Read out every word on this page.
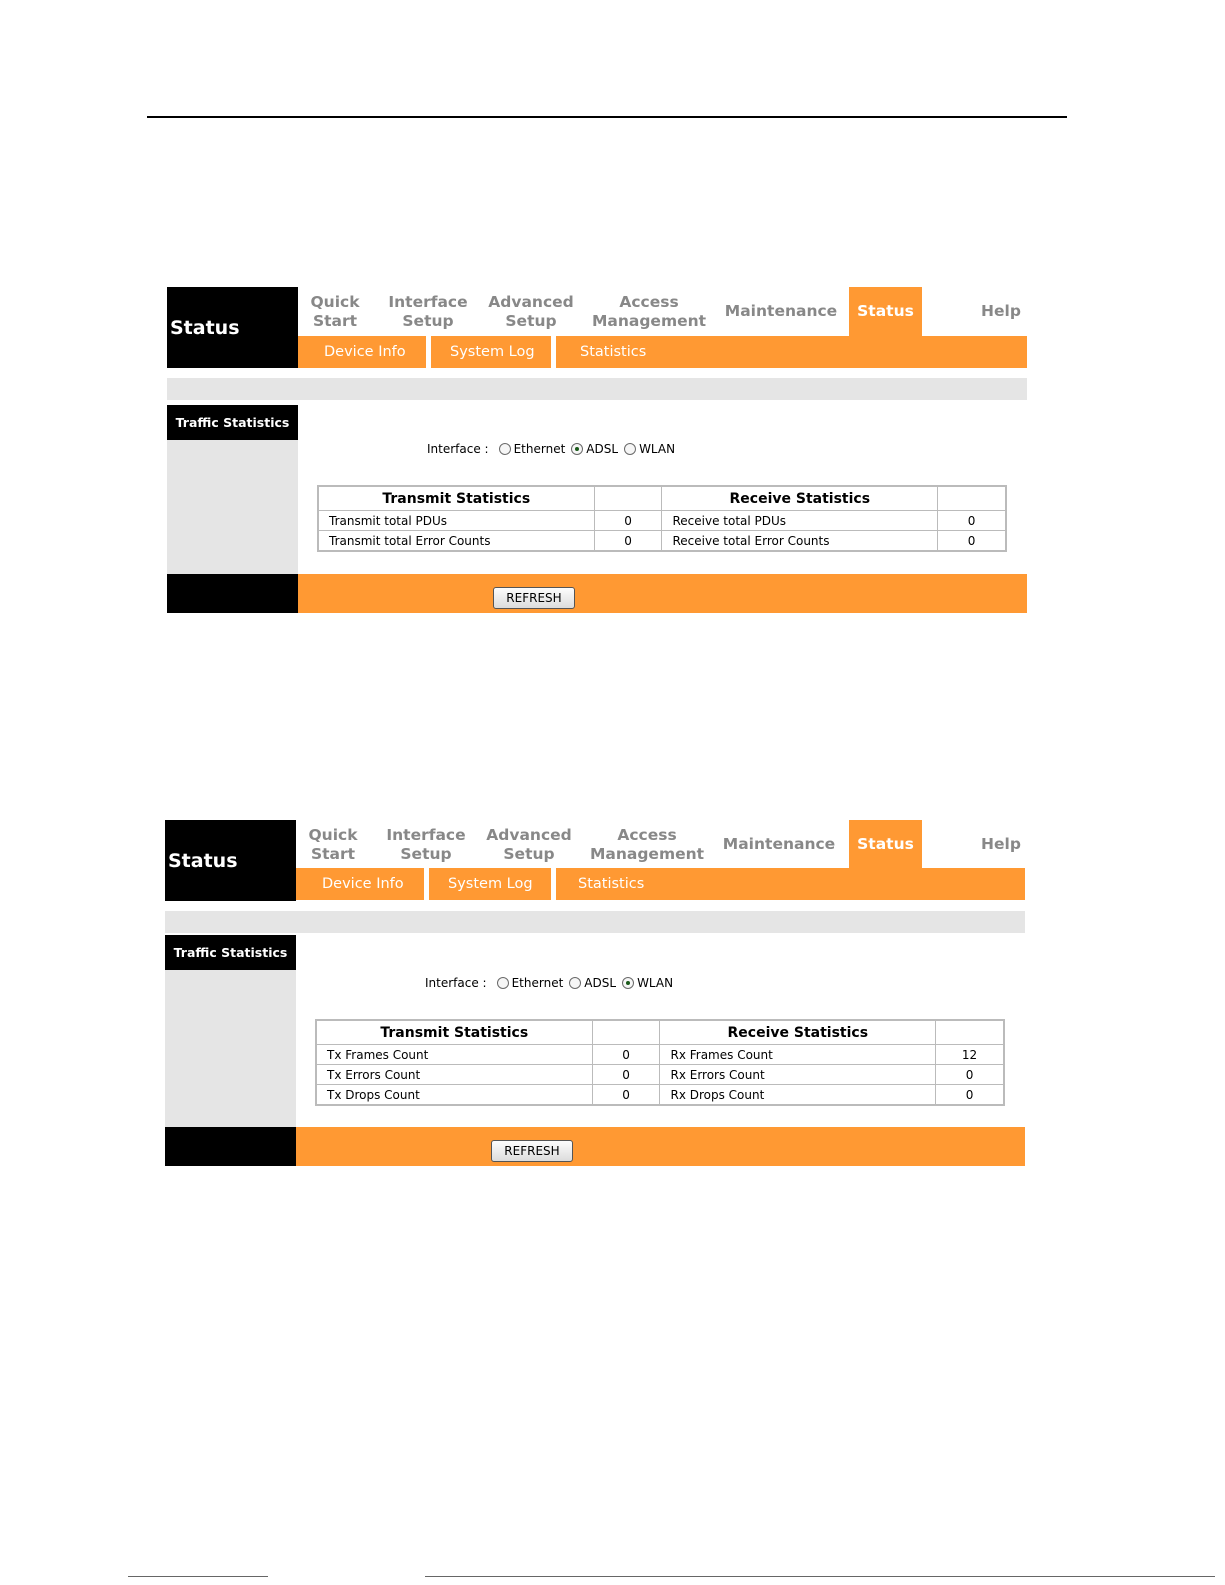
Status
Quick
Start
Interface
Setup
Advanced
Setup
Access
Management
Maintenance	Status	Help
Device Info	System Log	Statistics
Traffic Statistics
Interface : Ethernet ADSL WLAN
Transmit Statistics		Receive Statistics	
Transmit total PDUs	0	Receive total PDUs	0
Transmit total Error Counts	0	Receive total Error Counts	0
REFRESH
Status
Quick
Start
Interface
Setup
Advanced
Setup
Access
Management
Maintenance	Status	Help
Device Info	System Log	Statistics
Traffic Statistics
Interface : Ethernet ADSL WLAN
Transmit Statistics		Receive Statistics	
Tx Frames Count	0	Rx Frames Count	12
Tx Errors Count	0	Rx Errors Count	0
Tx Drops Count	0	Rx Drops Count	0
REFRESH
